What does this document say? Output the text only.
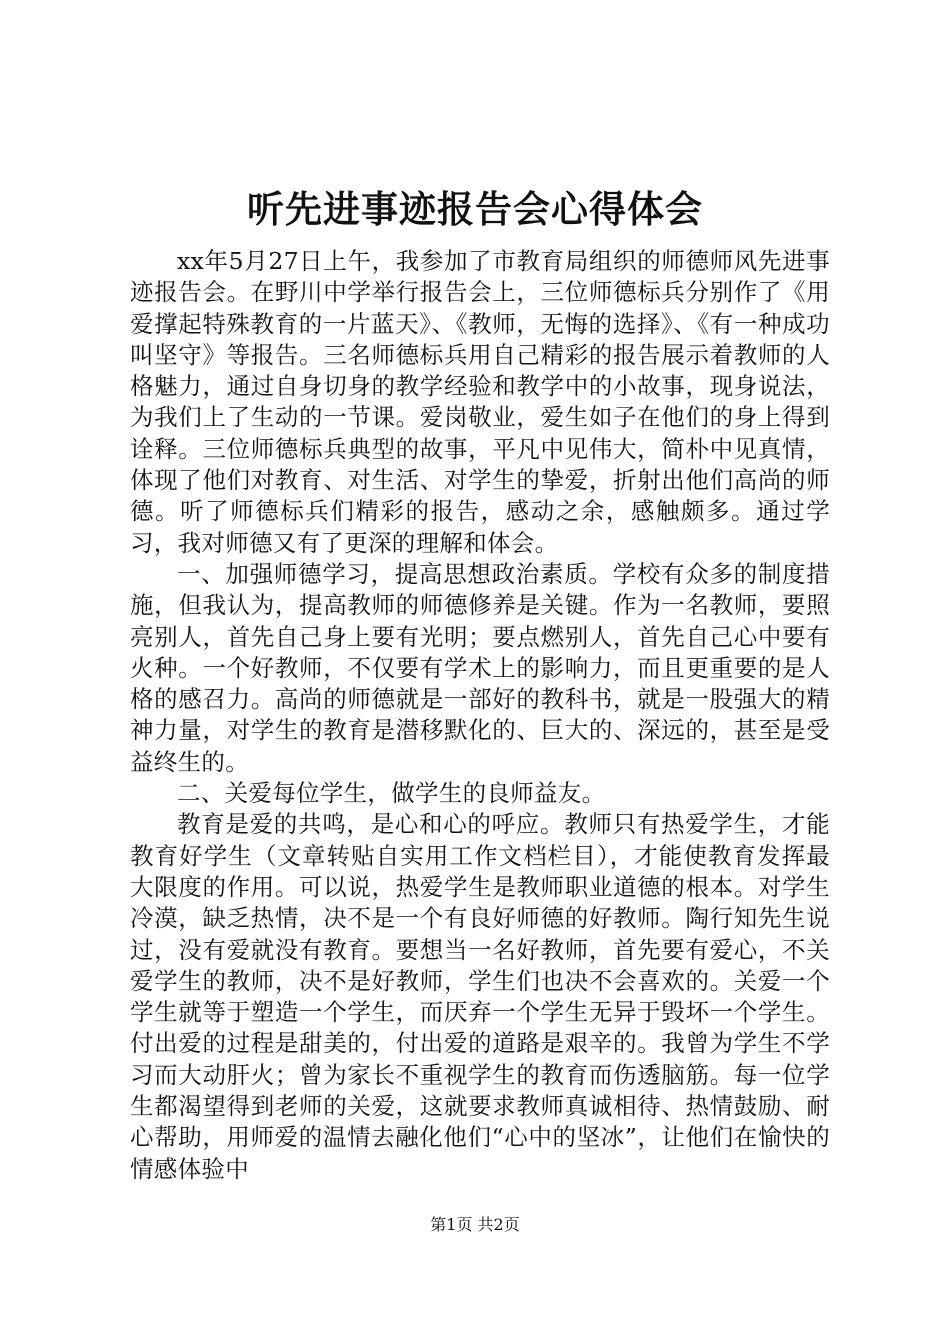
听先进事迹报告会心得体会

xx年5月27日上午，我参加了市教育局组织的师德师风先进事迹报告会。在野川中学举行报告会上，三位师德标兵分别作了《用爱撑起特殊教育的一片蓝天》、《教师，无悔的选择》、《有一种成功叫坚守》等报告。三名师德标兵用自己精彩的报告展示着教师的人格魅力，通过自身切身的教学经验和教学中的小故事，现身说法，为我们上了生动的一节课。爱岗敬业，爱生如子在他们的身上得到诠释。三位师德标兵典型的故事，平凡中见伟大，简朴中见真情，体现了他们对教育、对生活、对学生的挚爱，折射出他们高尚的师德。听了师德标兵们精彩的报告，感动之余，感触颇多。通过学习，我对师德又有了更深的理解和体会。

一、加强师德学习，提高思想政治素质。学校有众多的制度措施，但我认为，提高教师的师德修养是关键。作为一名教师，要照亮别人，首先自己身上要有光明；要点燃别人，首先自己心中要有火种。一个好教师，不仅要有学术上的影响力，而且更重要的是人格的感召力。高尚的师德就是一部好的教科书，就是一股强大的精神力量，对学生的教育是潜移默化的、巨大的、深远的，甚至是受益终生的。

二、关爱每位学生，做学生的良师益友。

教育是爱的共鸣，是心和心的呼应。教师只有热爱学生，才能教育好学生（文章转贴自实用工作文档栏目），才能使教育发挥最大限度的作用。可以说，热爱学生是教师职业道德的根本。对学生冷漠，缺乏热情，决不是一个有良好师德的好教师。陶行知先生说过，没有爱就没有教育。要想当一名好教师，首先要有爱心，不关爱学生的教师，决不是好教师，学生们也决不会喜欢的。关爱一个学生就等于塑造一个学生，而厌弃一个学生无异于毁坏一个学生。付出爱的过程是甜美的，付出爱的道路是艰辛的。我曾为学生不学习而大动肝火；曾为家长不重视学生的教育而伤透脑筋。每一位学生都渴望得到老师的关爱，这就要求教师真诚相待、热情鼓励、耐心帮助，用师爱的温情去融化他们“心中的坚冰”，让他们在愉快的情感体验中

第1页 共2页
